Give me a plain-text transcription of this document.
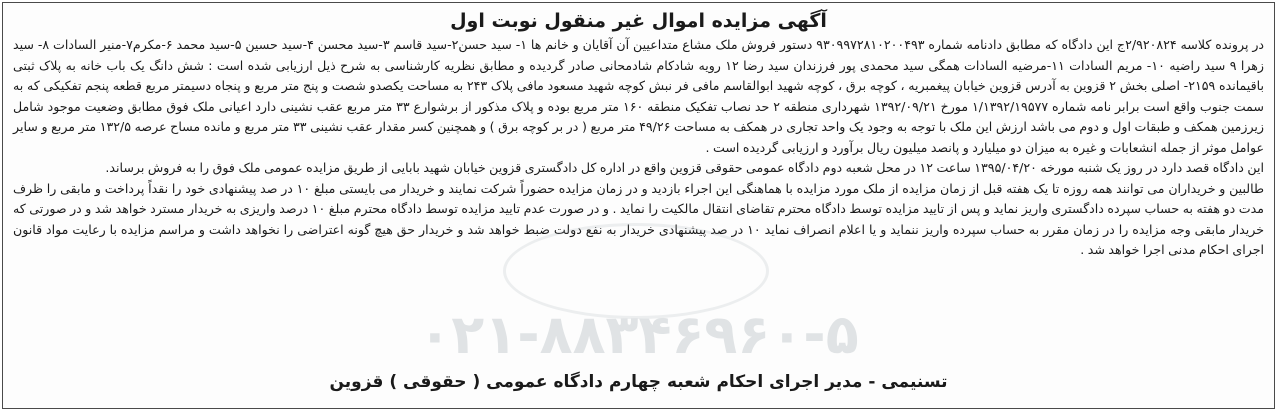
۰۲۱-۸۸۳۴۶۹۶۰-۵
آگهی مزایده اموال غیر منقول نوبت اول

در پرونده کلاسه ۲/۹۲۰۸۲۴ج این دادگاه که مطابق دادنامه شماره ۹۳۰۹۹۷۲۸۱۰۲۰۰۴۹۳ دستور فروش ملک مشاع متداعیین آن آقایان و خانم ها ۱- سید حسن۲-سید قاسم ۳-سید محسن ۴-سید حسین ۵-سید محمد ۶-مکرم۷-منیر السادات ۸- سید زهرا ۹ سید راضیه ۱۰- مریم السادات ۱۱-مرضیه السادات همگی سید محمدی پور فرزندان سید رضا ۱۲ رویه شادکام شادمحانی صادر گردیده و مطابق نظریه کارشناسی به شرح ذیل ارزیابی شده است : شش دانگ یک باب خانه به پلاک ثبتی باقیمانده ۲۱۵۹- اصلی بخش ۲ قزوین به آدرس قزوین خیابان پیغمبریه ، کوچه برق ، کوچه شهید ابوالقاسم مافی فر نبش کوچه شهید مسعود مافی پلاک ۲۴۳ به مساحت یکصدو شصت و پنج متر مربع و پنجاه دسیمتر مربع قطعه پنجم تفکیکی که به سمت جنوب واقع است برابر نامه شماره ۱/۱۳۹۲/۱۹۵۷۷ مورخ ۱۳۹۲/۰۹/۲۱ شهرداری منطقه ۲ حد نصاب تفکیک منطقه ۱۶۰ متر مربع بوده و پلاک مذکور از برشوارع ۳۳ متر مربع عقب نشینی دارد اعیانی ملک فوق مطابق وضعیت موجود شامل زیرزمین همکف و طبقات اول و دوم می باشد ارزش این ملک با توجه به وجود یک واحد تجاری در همکف به مساحت ۴۹/۲۶ متر مربع ( در بر کوچه برق ) و همچنین کسر مقدار عقب نشینی ۳۳ متر مربع و مانده مساح عرصه ۱۳۲/۵ متر مربع و سایر عوامل موثر از جمله انشعابات و غیره به میزان دو میلیارد و پانصد میلیون ریال برآورد و ارزیابی گردیده است .

این دادگاه قصد دارد در روز یک شنبه مورخه ۱۳۹۵/۰۴/۲۰ ساعت ۱۲ در محل شعبه دوم دادگاه عمومی حقوقی قزوین واقع در اداره کل دادگستری قزوین خیابان شهید بابایی از طریق مزایده عمومی ملک فوق را به فروش برساند.

طالبین و خریداران می توانند همه روزه تا یک هفته قبل از زمان مزایده از ملک مورد مزایده با هماهنگی این اجراء بازدید و در زمان مزایده حضوراً شرکت نمایند و خریدار می بایستی مبلغ ۱۰ در صد پیشنهادی خود را نقداً پرداخت و مابقی را ظرف مدت دو هفته به حساب سپرده دادگستری واریز نماید و پس از تایید مزایده توسط دادگاه محترم تقاضای انتقال مالکیت را نماید . و در صورت عدم تایید مزایده توسط دادگاه محترم مبلغ ۱۰ درصد واریزی به خریدار مسترد خواهد شد و در صورتی که خریدار مابقی وجه مزایده را در زمان مقرر به حساب سپرده واریز ننماید و یا اعلام انصراف نماید ۱۰ در صد پیشنهادی خریدار به نفع دولت ضبط خواهد شد و خریدار حق هیچ گونه اعتراضی را نخواهد داشت و مراسم مزایده با رعایت مواد قانون اجرای احکام مدنی اجرا خواهد شد .

تسنیمی - مدیر اجرای احکام شعبه چهارم دادگاه عمومی ( حقوقی ) قزوین
